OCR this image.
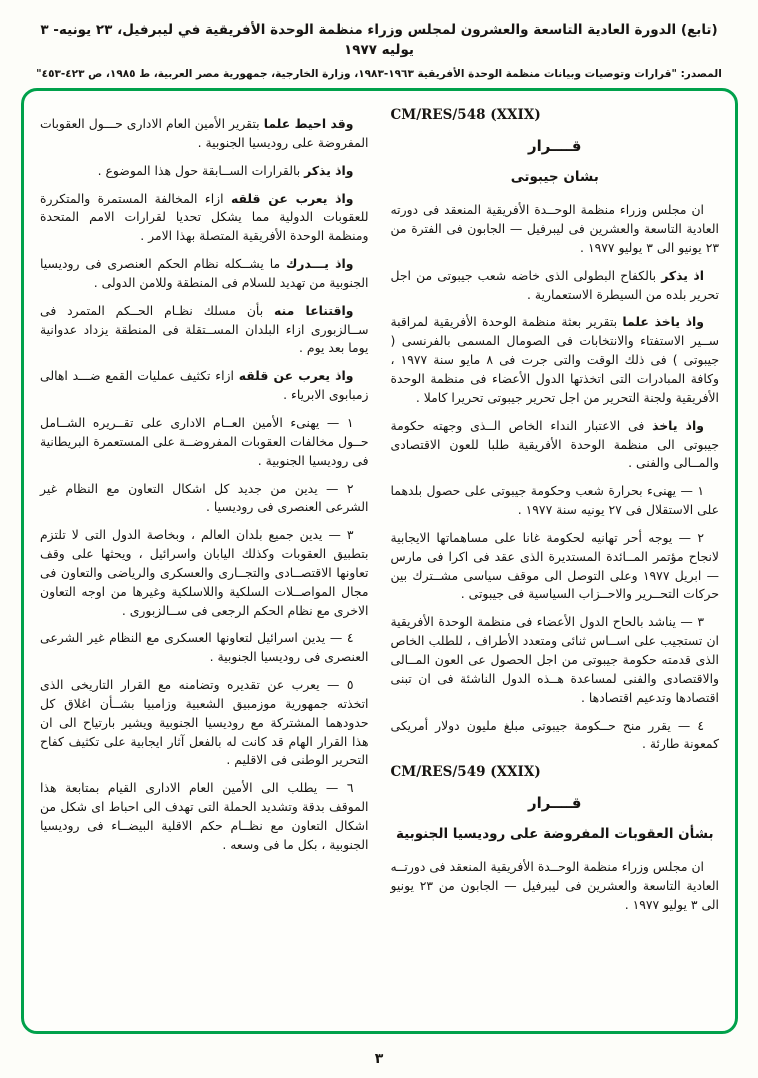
(تابع) الدورة العادية التاسعة والعشرون لمجلس وزراء منظمة الوحدة الأفريقية في ليبرفيل، ٢٣ يونيه- ٣ يوليه ١٩٧٧
المصدر: "قرارات وتوصيات وبيانات منظمة الوحدة الأفريقية ١٩٦٣-١٩٨٣، وزارة الخارجية، جمهورية مصر العربية، ط ١٩٨٥، ص ٤٢٣-٤٥٣"

CM/RES/548 (XXIX)

قــــرار

بشان جيبوتى

ان مجلس وزراء منظمة الوحــدة الأفريقية المنعقد فى دورته العادية التاسعة والعشرين فى ليبرفيل — الجابون فى الفترة من ٢٣ يونيو الى ٣ يوليو ١٩٧٧ .

اذ يذكر بالكفاح البطولى الذى خاضه شعب جيبوتى من اجل تحرير بلده من السيطرة الاستعمارية .

واذ ياخذ علما بتقرير بعثة منظمة الوحدة الأفريقية لمراقبة ســير الاستفتاء والانتخابات فى الصومال المسمى بالفرنسى ( جيبوتى ) فى ذلك الوقت والتى جرت فى ٨ مايو سنة ١٩٧٧ ، وكافة المبادرات التى اتخذتها الدول الأعضاء فى منظمة الوحدة الأفريقية ولجنة التحرير من اجل تحرير جيبوتى تحريرا كاملا .

واذ ياخذ فى الاعتبار النداء الخاص الــذى وجهته حكومة جيبوتى الى منظمة الوحدة الأفريقية طلبا للعون الاقتصادى والمــالى والفنى .

١ — يهنىء بحرارة شعب وحكومة جيبوتى على حصول بلدهما على الاستقلال فى ٢٧ يونيه سنة ١٩٧٧ .

٢ — يوجه أحر تهانيه لحكومة غانا على مساهماتها الايجابية لانجاح مؤتمر المــائدة المستديرة الذى عقد فى اكرا فى مارس— ابريل ١٩٧٧ وعلى التوصل الى موقف سياسى مشــترك بين حركات التحــرير والاحــزاب السياسية فى جيبوتى .

٣ — يناشد بالحاح الدول الأعضاء فى منظمة الوحدة الأفريقية ان تستجيب على اســاس ثنائى ومتعدد الأطراف ، للطلب الخاص الذى قدمته حكومة جيبوتى من اجل الحصول عى العون المــالى والاقتصادى والفنى لمساعدة هــذه الدول الناشئة فى ان تبنى اقتصادها وتدعيم اقتصادها .

٤ — يقرر منح حــكومة جيبوتى مبلغ مليون دولار أمريكى كمعونة طارئة .

CM/RES/549 (XXIX)

قــــرار

بشأن العقوبات المفروضة على روديسيا الجنوبية

ان مجلس وزراء منظمة الوحــدة الأفريقية المنعقد فى دورتــه العادية التاسعة والعشرين فى ليبرفيل — الجابون من ٢٣ يونيو الى ٣ يوليو ١٩٧٧ .

وقد احيط علما بتقرير الأمين العام الادارى حـــول العقوبات المفروضة على روديسيا الجنوبية .

واذ يذكر بالقرارات الســابقة حول هذا الموضوع .

واذ يعرب عن قلقه ازاء المخالفة المستمرة والمتكررة للعقوبات الدولية مما يشكل تحديا لقرارات الامم المتحدة ومنظمة الوحدة الأفريقية المتصلة بهذا الامر .

واذ يـــدرك ما يشــكله نظام الحكم العنصرى فى روديسيا الجنوبية من تهديد للسلام فى المنطقة وللامن الدولى .

واقتناعا منه بأن مسلك نظـام الحــكم المتمرد فى ســالزبورى ازاء البلدان المســتقلة فى المنطقة يزداد عدوانية يوما بعد يوم .

واذ يعرب عن قلقه ازاء تكثيف عمليات القمع ضـــد اهالى زمبابوى الابرياء .

١ — يهنىء الأمين العــام الادارى على تقــريره الشــامل حــول مخالفات العقوبات المفروضــة على المستعمرة البريطانية فى روديسيا الجنوبية .

٢ — يدين من جديد كل اشكال التعاون مع النظام غير الشرعى العنصرى فى روديسيا .

٣ — يدين جميع بلدان العالم ، وبخاصة الدول التى لا تلتزم بتطبيق العقوبات وكذلك اليابان واسرائيل ، ويحثها على وقف تعاونها الاقتصــادى والتجــارى والعسكرى والرياضى والتعاون فى مجال المواصــلات السلكية واللاسلكية وغيرها من اوجه التعاون الاخرى مع نظام الحكم الرجعى فى ســالزبورى .

٤ — يدين اسرائيل لتعاونها العسكرى مع النظام غير الشرعى العنصرى فى روديسيا الجنوبية .

٥ — يعرب عن تقديره وتضامنه مع القرار التاريخى الذى اتخذته جمهورية موزمبيق الشعبية وزامبيا بشــأن اغلاق كل حدودهما المشتركة مع روديسيا الجنوبية ويشير بارتياح الى ان هذا القرار الهام قد كانت له بالفعل آثار ايجابية على تكثيف كفاح التحرير الوطنى فى الاقليم .

٦ — يطلب الى الأمين العام الادارى القيام بمتابعة هذا الموقف بدقة وتشديد الحملة التى تهدف الى احباط اى شكل من اشكال التعاون مع نظــام حكم الاقلية البيضــاء فى روديسيا الجنوبية ، بكل ما فى وسعه .

٣
